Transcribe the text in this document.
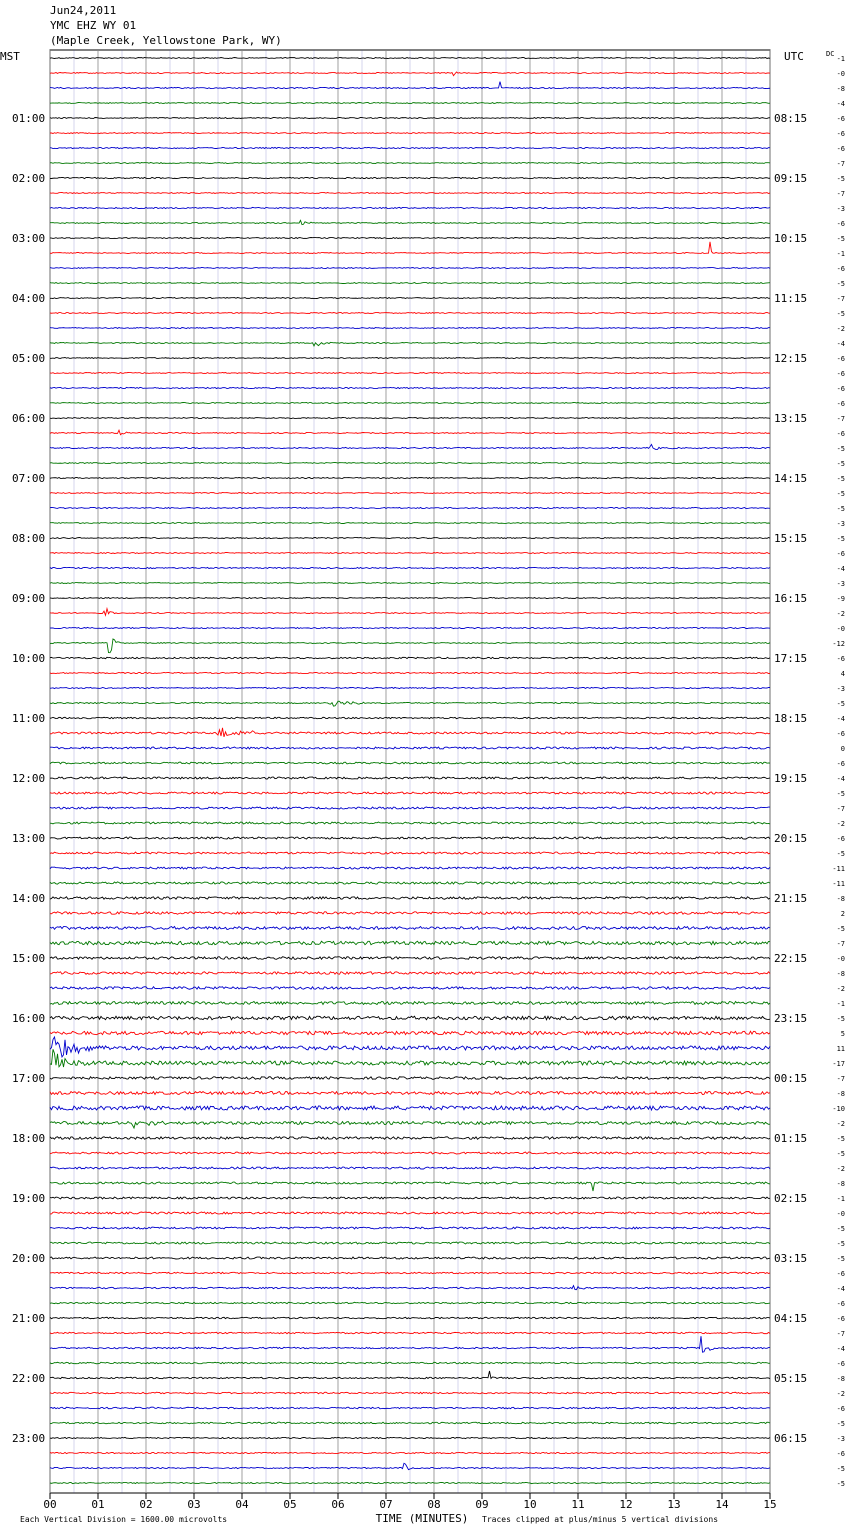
Jun24,2011
YMC EHZ WY 01
(Maple Creek, Yellowstone Park, WY)
MST	UTC
01:00
02:00
03:00
04:00
05:00
06:00
07:00
08:00
09:00
10:00
11:00
12:00
13:00
14:00
15:00
16:00
17:00
18:00
19:00
20:00
21:00
22:00
23:00
08:15
09:15
10:15
11:15
12:15
13:15
14:15
15:15
16:15
17:15
18:15
19:15
20:15
21:15
22:15
23:15
00:15
01:15
02:15
03:15
04:15
05:15
06:15
DC
-1
-0
-8
-4
-6
-6
-6
-7
-5
-7
-3
-6
-5
-1
-6
-5
-7
-5
-2
-4
-6
-6
-6
-6
-7
-6
-5
-5
-5
-5
-5
-3
-5
-6
-4
-3
-9
-2
-0
-12
-6
4
-3
-5
-4
-6
0
-6
-4
-5
-7
-2
-6
-5
-11
-11
-8
2
-5
-7
-0
-8
-2
-1
-5
5
11
-17
-7
-8
-10
-2
-5
-5
-2
-8
-1
-0
-5
-5
-5
-6
-4
-6
-6
-7
-4
-6
-8
-2
-6
-5
-3
-6
-5
-5
00	01	02	03	04	05	06	07	08	09	10	11	12	13	14	15
TIME (MINUTES)
Each Vertical Division = 1600.00 microvolts	Traces clipped at plus/minus 5 vertical divisions
